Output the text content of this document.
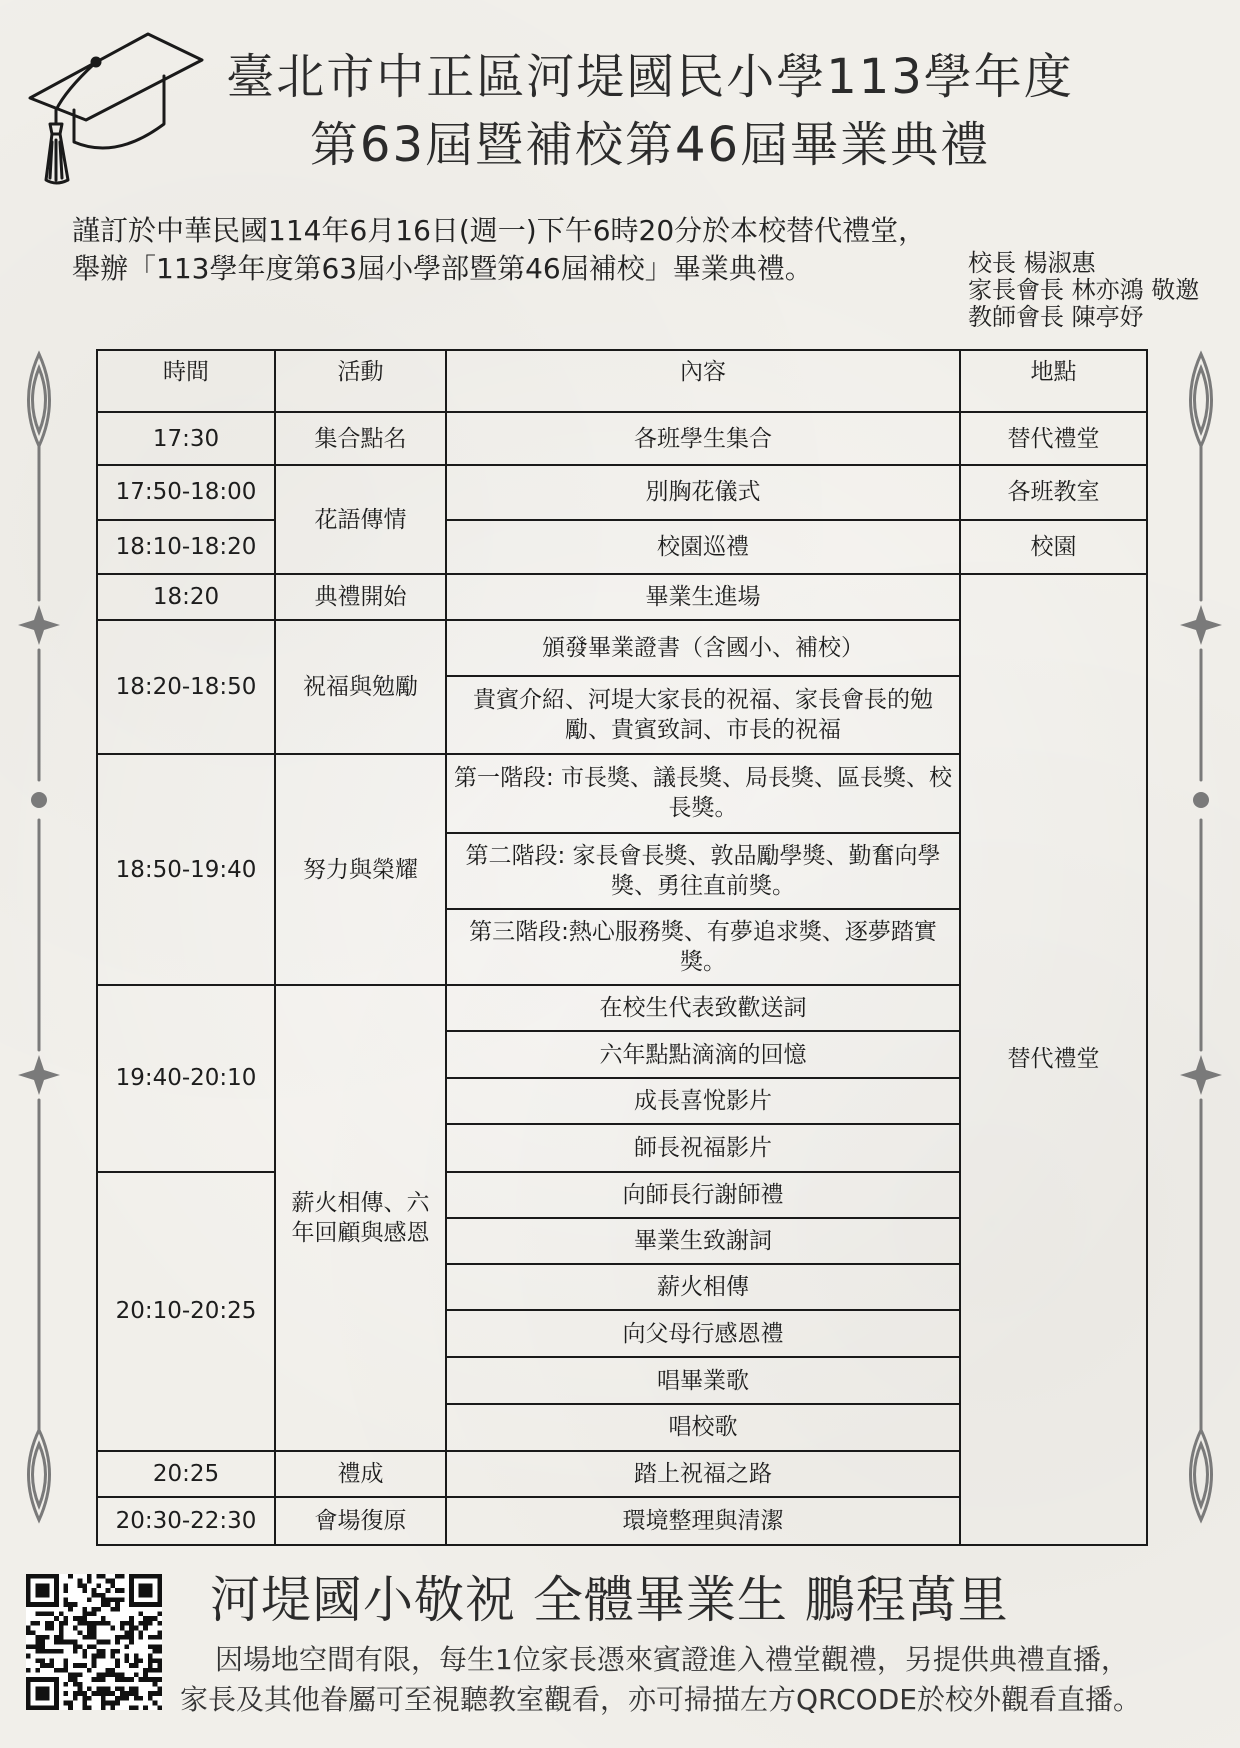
臺北市中正區河堤國民小學113學年度
第63屆暨補校第46屆畢業典禮
謹訂於中華民國114年6月16日(週一)下午6時20分於本校替代禮堂，舉辦「113學年度第63屆小學部暨第46屆補校」畢業典禮。	校長 楊淑惠
家長會長 林亦鴻 敬邀
教師會長 陳亭妤
時間	活動	內容	地點
17:30	集合點名	各班學生集合	替代禮堂
17:50-18:00	花語傳情	別胸花儀式	各班教室
18:10-18:20		校園巡禮	校園
18:20	典禮開始	畢業生進場	替代禮堂
18:20-18:50	祝福與勉勵	頒發畢業證書（含國小、補校）	
		貴賓介紹、河堤大家長的祝福、家長會長的勉勵、貴賓致詞、市長的祝福	
18:50-19:40	努力與榮耀	第一階段: 市長獎、議長獎、局長獎、區長獎、校長獎。	
		第二階段: 家長會長獎、敦品勵學獎、勤奮向學獎、勇往直前獎。	
		第三階段:熱心服務獎、有夢追求獎、逐夢踏實獎。	
19:40-20:10	薪火相傳、六年回顧與感恩	在校生代表致歡送詞	
		六年點點滴滴的回憶	
		成長喜悅影片	
		師長祝福影片	
20:10-20:25		向師長行謝師禮	
		畢業生致謝詞	
		薪火相傳	
		向父母行感恩禮	
		唱畢業歌	
		唱校歌	
20:25	禮成	踏上祝福之路	
20:30-22:30	會場復原	環境整理與清潔	
河堤國小敬祝 全體畢業生 鵬程萬里
因場地空間有限，每生1位家長憑來賓證進入禮堂觀禮，另提供典禮直播，
家長及其他眷屬可至視聽教室觀看，亦可掃描左方QRCODE於校外觀看直播。
